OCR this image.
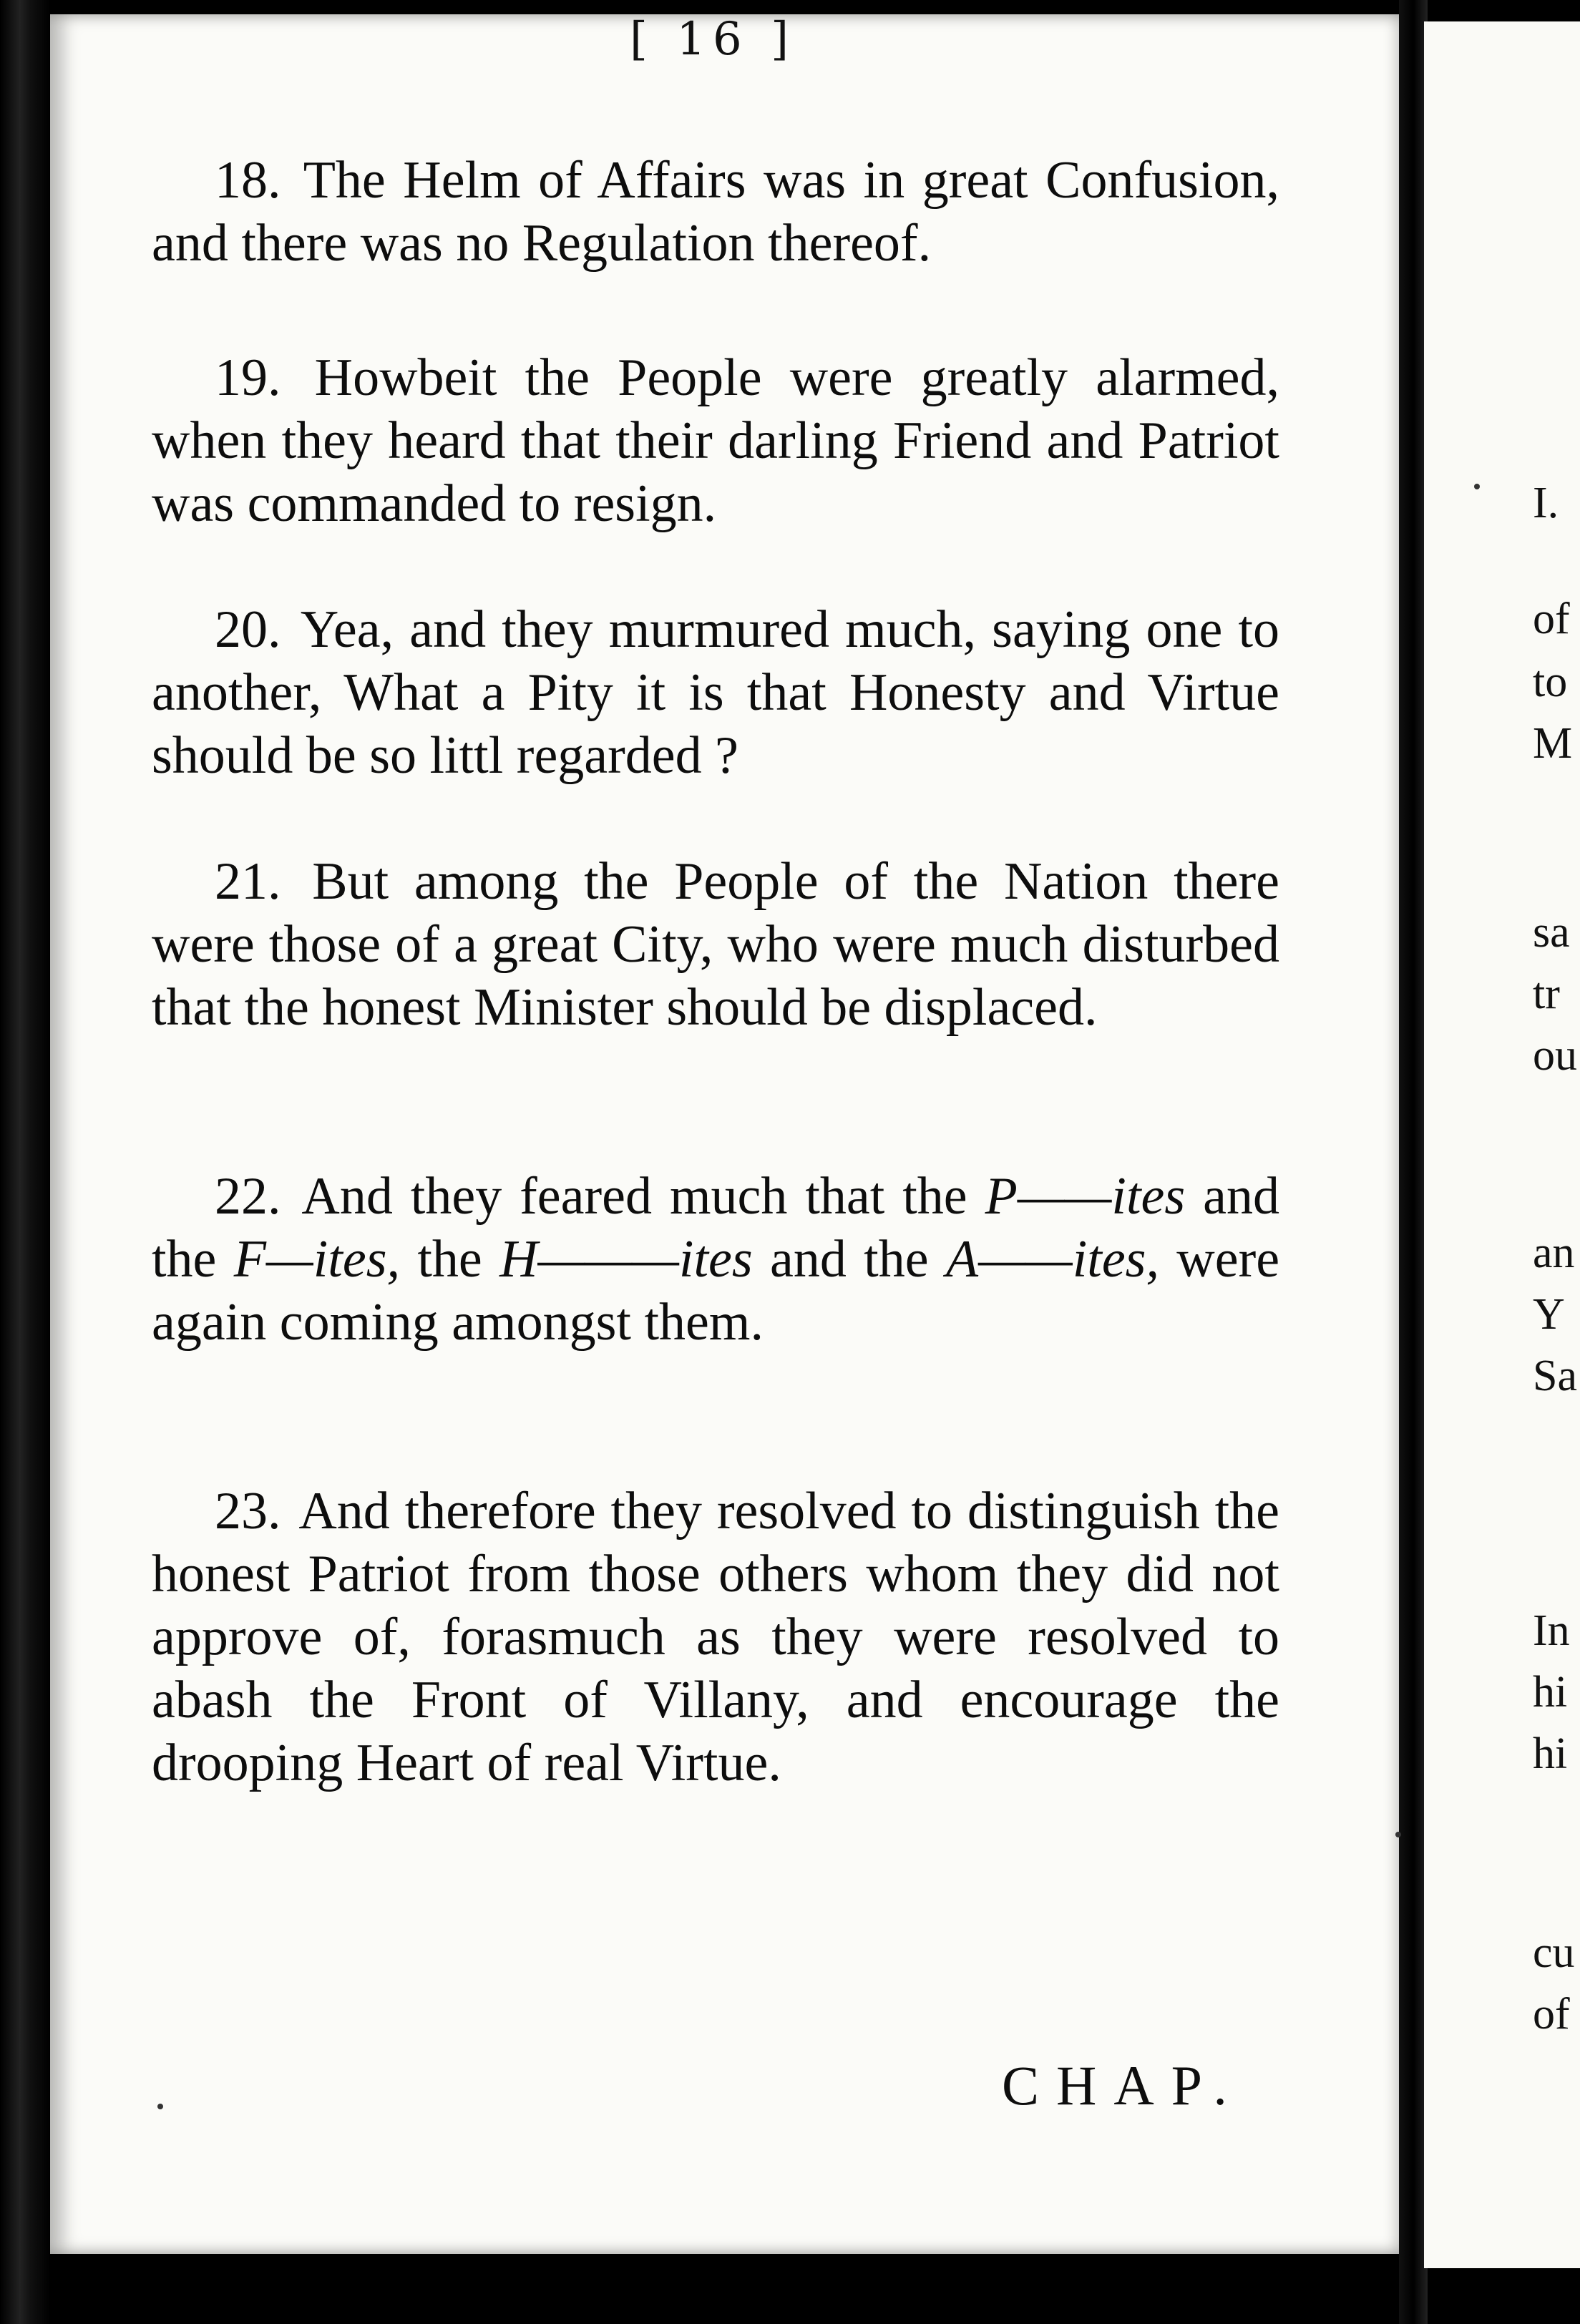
[ 16 ]
18. The Helm of Affairs was in great Confusion, and there was no Regulation thereof.
19. Howbeit the People were greatly alarmed, when they heard that their darling Friend and Patriot was commanded to resign.
20. Yea, and they murmured much, saying one to another, What a Pity it is that Honesty and Virtue should be so littl regarded ?
21. But among the People of the Nation there were those of a great City, who were much disturbed that the honest Minister should be displaced.
22. And they feared much that the P——ites and the F—ites, the H———ites and the A——ites, were again coming amongst them.
23. And therefore they resolved to distinguish the honest Patriot from those others whom they did not approve of, forasmuch as they were resolved to abash the Front of Villany, and encourage the drooping Heart of real Virtue.
CHAP.
I.
of
to
M
sa
tr
ou
an
Y
Sa
In
hi
hi
cu
of
